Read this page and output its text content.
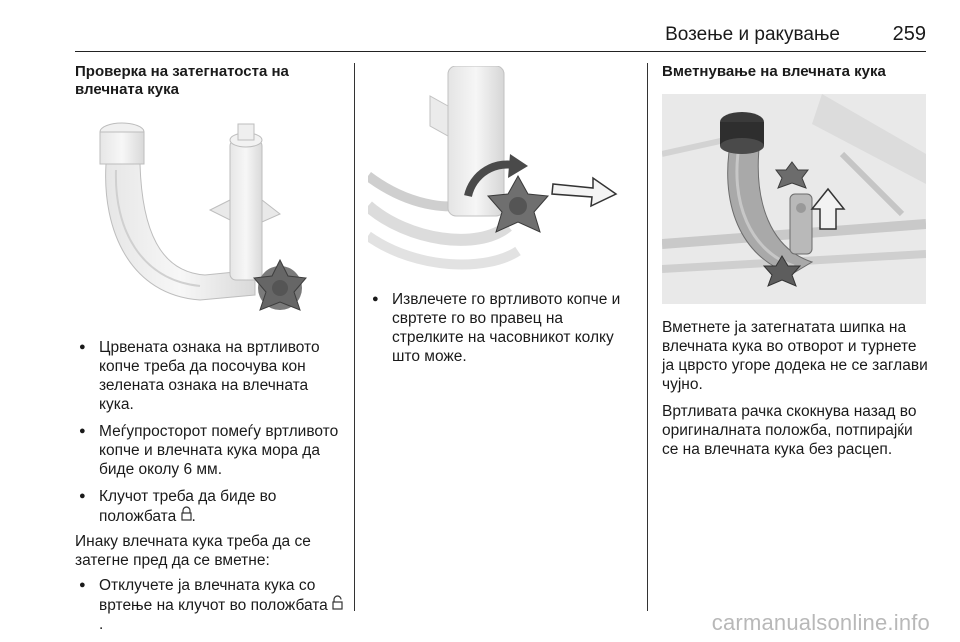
Возење и ракување	259
Проверка на затегнатоста на влечната кука
● Црвената ознака на вртливото копче треба да посочува кон зелената ознака на влечната кука.
● Меѓупросторот помеѓу вртливото копче и влечната кука мора да биде околу 6 мм.
● Клучот треба да биде во положбата .
Инаку влечната кука треба да се затегне пред да се вметне:
● Отклучете ја влечната кука со вртење на клучот во положбата .
● Извлечете го вртливото копче и свртете го во правец на стрелките на часовникот колку што може.
Вметнување на влечната кука
Вметнете ја затегнатата шипка на влечната кука во отворот и турнете ја цврсто угоре додека не се заглави чујно.
Вртливата рачка скокнува назад во оригиналната положба, потпирајќи се на влечната кука без расцеп.
carmanualsonline.info
